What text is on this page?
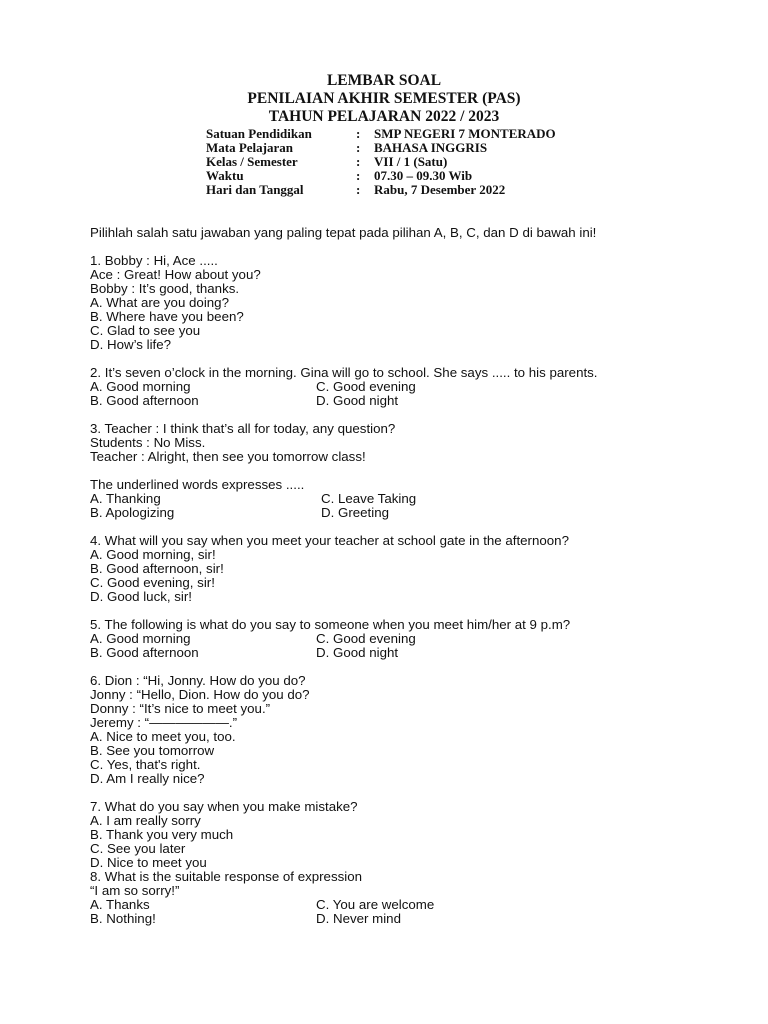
LEMBAR SOAL
PENILAIAN AKHIR SEMESTER (PAS)
TAHUN PELAJARAN 2022 / 2023
Satuan Pendidikan	:	SMP NEGERI 7 MONTERADO
Mata Pelajaran	:	BAHASA INGGRIS
Kelas / Semester	:	VII / 1 (Satu)
Waktu	:	07.30 – 09.30 Wib
Hari dan Tanggal	:	Rabu, 7 Desember 2022
Pilihlah salah satu jawaban yang paling tepat pada pilihan A, B, C, dan D di bawah ini!
1. Bobby : Hi, Ace .....
Ace : Great! How about you?
Bobby : It’s good, thanks.
A. What are you doing?
B. Where have you been?
C. Glad to see you
D. How’s life?
2. It’s seven o’clock in the morning. Gina will go to school. She says ..... to his parents.
A. Good morning	C. Good evening
B. Good afternoon	D. Good night
3. Teacher : I think that’s all for today, any question?
Students : No Miss.
Teacher : Alright, then see you tomorrow class!
The underlined words expresses .....
A. Thanking	C. Leave Taking
B. Apologizing	D. Greeting
4. What will you say when you meet your teacher at school gate in the afternoon?
A. Good morning, sir!
B. Good afternoon, sir!
C. Good evening, sir!
D. Good luck, sir!
5. The following is what do you say to someone when you meet him/her at 9 p.m?
A. Good morning	C. Good evening
B. Good afternoon	D. Good night
6. Dion : “Hi, Jonny. How do you do?
Jonny : “Hello, Dion. How do you do?
Donny : “It’s nice to meet you.”
Jeremy : “——————.”
A. Nice to meet you, too.
B. See you tomorrow
C. Yes, that's right.
D. Am I really nice?
7. What do you say when you make mistake?
A. I am really sorry
B. Thank you very much
C. See you later
D. Nice to meet you
8. What is the suitable response of expression
“I am so sorry!”
A. Thanks	C. You are welcome
B. Nothing!	D. Never mind
